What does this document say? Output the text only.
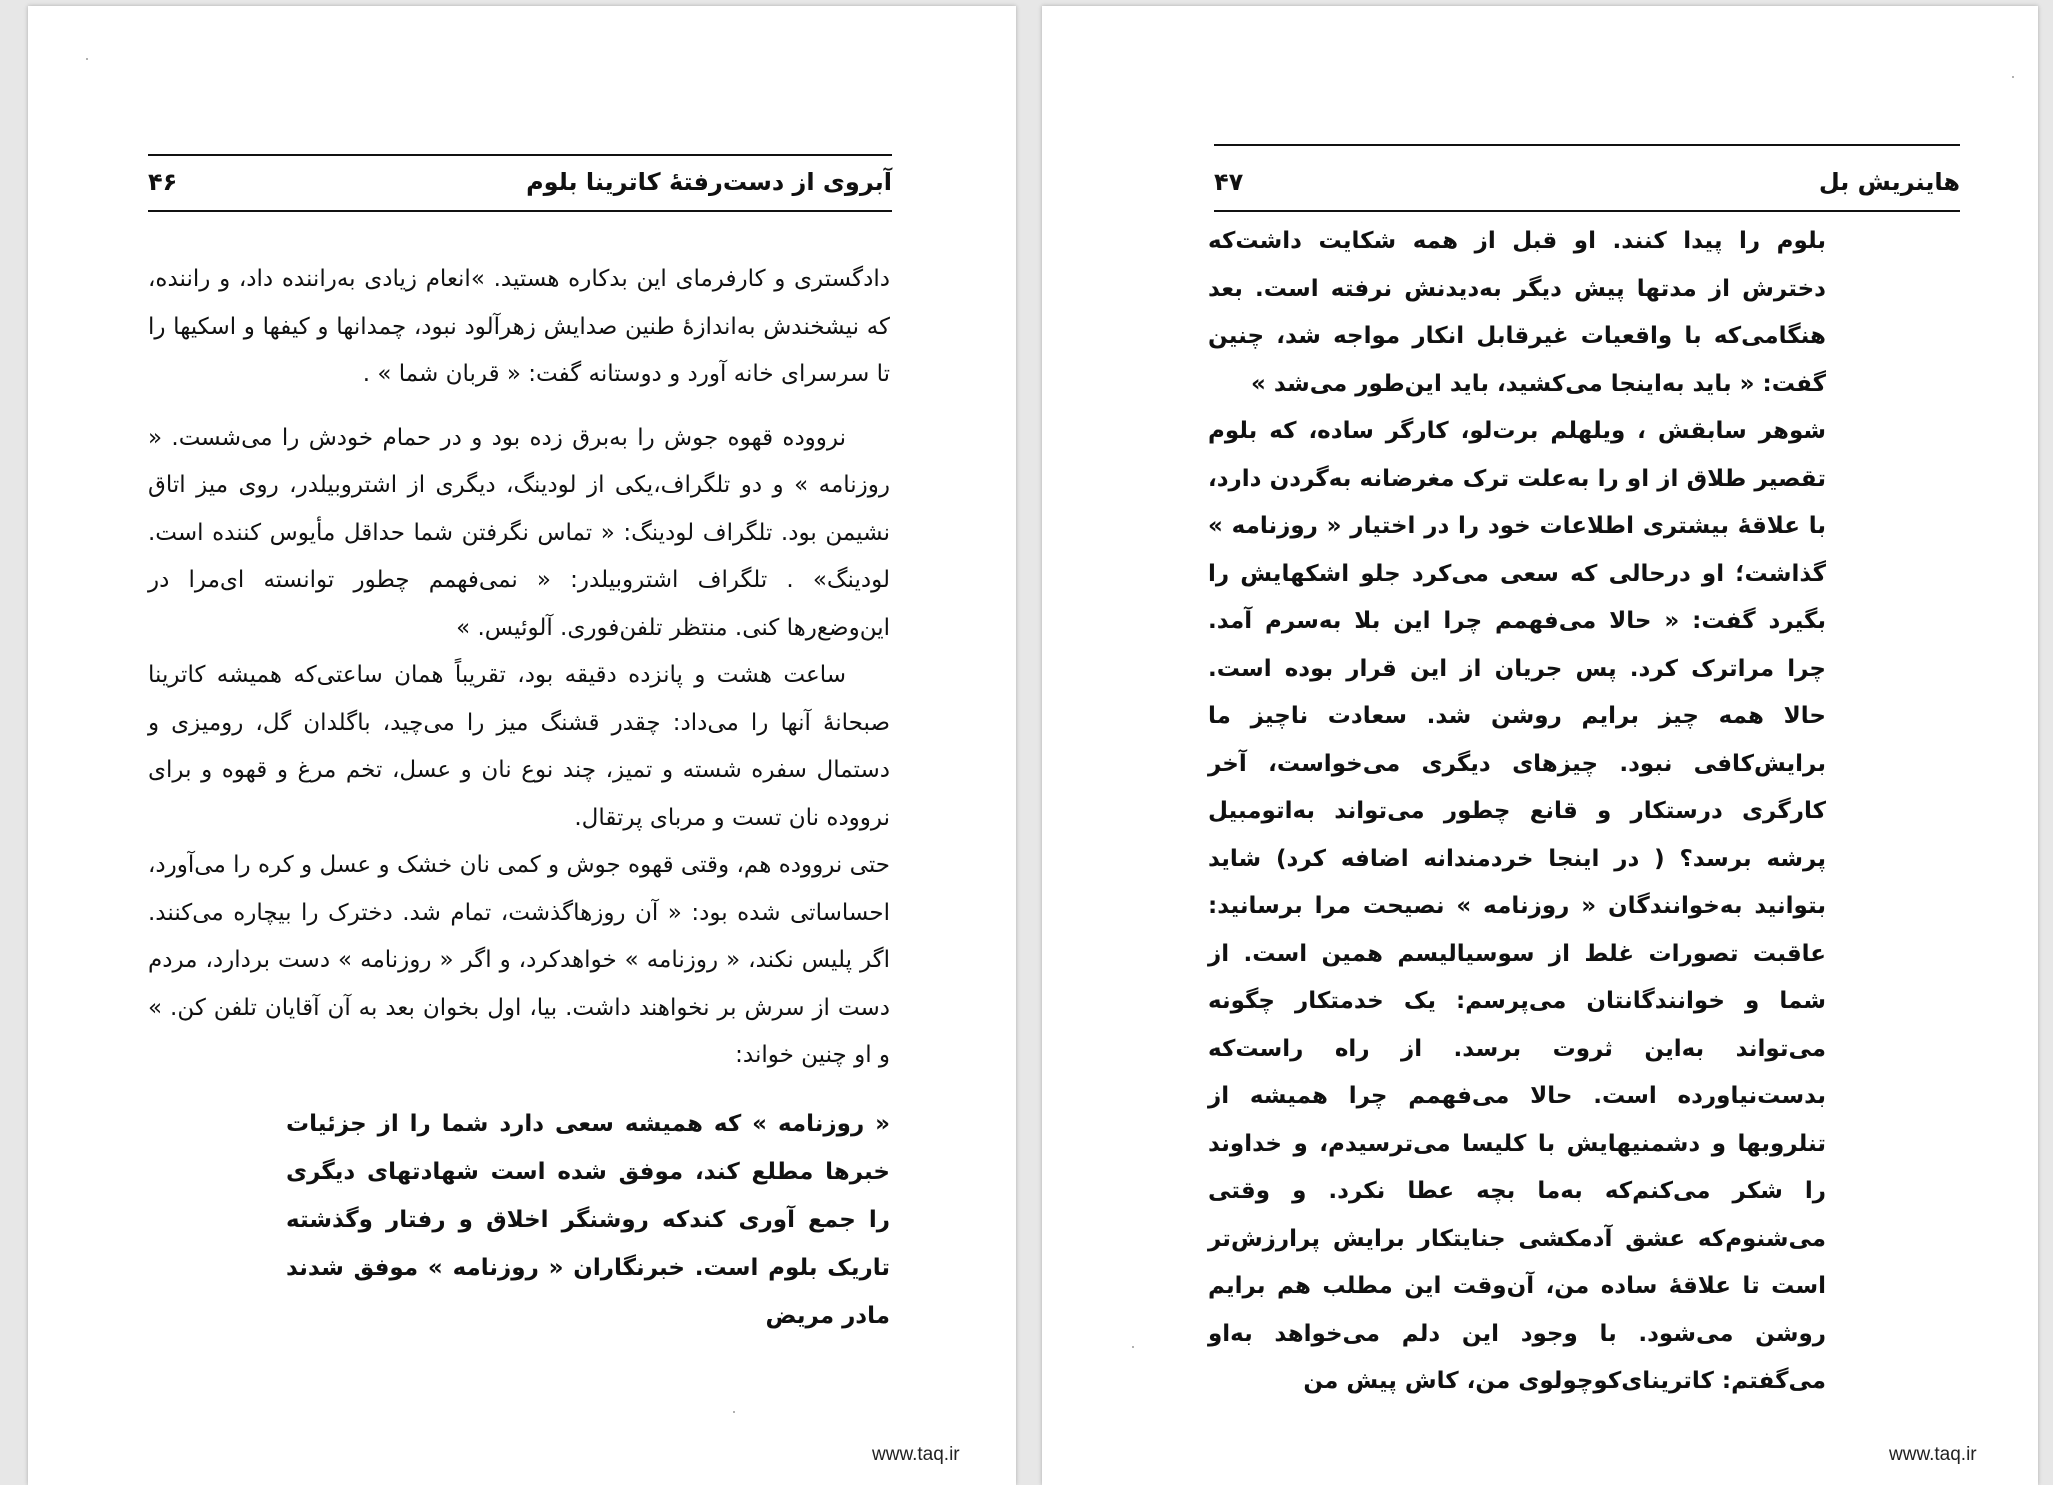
آبروی از دست‌رفتهٔ کاترینا بلوم
۴۶

دادگستری و کارفرمای این بدکاره هستید. »انعام زیادی به‌راننده داد، و راننده، که نیشخندش به‌اندازهٔ طنین صدایش زهرآلود نبود، چمدانها و کیفها و اسکیها را تا سرسرای خانه آورد و دوستانه گفت: « قربان شما » .

نرووده قهوه جوش را به‌برق زده بود و در حمام خودش را می‌شست. « روزنامه » و دو تلگراف،یکی از لودینگ، دیگری از اشتروبیلدر، روی میز اتاق نشیمن بود. تلگراف لودینگ: « تماس نگرفتن شما حداقل مأیوس کننده است. لودینگ» . تلگراف اشتروبیلدر: « نمی‌فهمم چطور توانسته ای‌مرا در این‌وضع‌رها کنی. منتظر تلفن‌فوری. آلوئیس. »

ساعت هشت و پانزده دقیقه بود، تقریباً همان ساعتی‌که همیشه کاترینا صبحانهٔ آنها را می‌داد: چقدر قشنگ میز را می‌چید، باگلدان گل، رومیزی و دستمال سفره شسته و تمیز، چند نوع نان و عسل، تخم مرغ و قهوه و برای نرووده نان تست و مربای پرتقال.

حتی نرووده هم، وقتی قهوه جوش و کمی نان خشک و عسل و کره را می‌آورد، احساساتی شده بود: « آن روزهاگذشت، تمام شد. دخترک را بیچاره می‌کنند. اگر پلیس نکند، « روزنامه » خواهدکرد، و اگر « روزنامه » دست بردارد، مردم دست از سرش بر نخواهند داشت. بیا، اول بخوان بعد به آن آقایان تلفن کن. » و او چنین خواند:

« روزنامه » که همیشه سعی دارد شما را از جزئیات خبرها مطلع کند، موفق شده است شهادتهای دیگری را جمع آوری کندکه روشنگر اخلاق و رفتار وگذشته تاریک بلوم است. خبرنگاران « روزنامه » موفق شدند مادر مریض

www.taq.ir
هاینریش بل
۴۷

بلوم را پیدا کنند. او قبل از همه شکایت داشت‌که دخترش از مدتها پیش دیگر به‌دیدنش نرفته است. بعد هنگامی‌که با واقعیات غیرقابل انکار مواجه شد، چنین گفت: « باید به‌اینجا می‌کشید، باید این‌طور می‌شد »

شوهر سابقش ، ویلهلم برت‌لو، کارگر ساده، که بلوم تقصیر طلاق از او را به‌علت ترک مغرضانه به‌گردن دارد، با علاقهٔ بیشتری اطلاعات خود را در اختیار « روزنامه » گذاشت؛ او درحالی که سعی می‌کرد جلو اشکهایش را بگیرد گفت: « حالا می‌فهمم چرا این بلا به‌سرم آمد. چرا مراترک کرد. پس جریان از این قرار بوده است. حالا همه چیز برایم روشن شد. سعادت ناچیز ما برایش‌کافی نبود. چیزهای دیگری می‌خواست، آخر کارگری درستکار و قانع چطور می‌تواند به‌اتومبیل پرشه برسد؟ ( در اینجا خردمندانه اضافه کرد) شاید بتوانید به‌خوانندگان « روزنامه » نصیحت مرا برسانید: عاقبت تصورات غلط از سوسیالیسم همین است. از شما و خوانندگانتان می‌پرسم: یک خدمتکار چگونه می‌تواند به‌این ثروت برسد. از راه راست‌که بدست‌نیاورده است. حالا می‌فهمم چرا همیشه از تنلروبها و دشمنیهایش با کلیسا می‌ترسیدم، و خداوند را شکر می‌کنم‌که به‌ما بچه عطا نکرد. و وقتی می‌شنوم‌که عشق آدمکشی جنایتکار برایش پرارزش‌تر است تا علاقهٔ ساده من، آن‌وقت این مطلب هم برایم روشن می‌شود. با وجود این دلم می‌خواهد به‌او می‌گفتم: کاترینای‌کوچولوی من، کاش پیش من

www.taq.ir
